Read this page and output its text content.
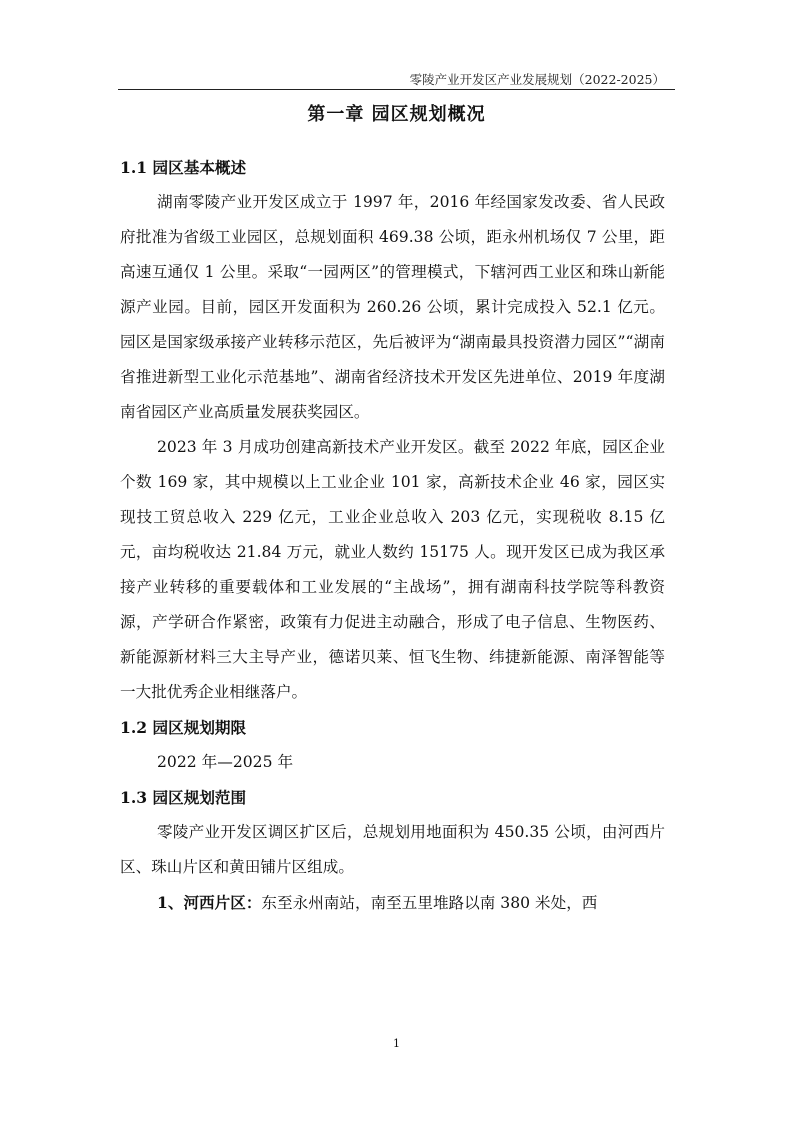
零陵产业开发区产业发展规划（2022-2025）
第一章 园区规划概况

1.1 园区基本概述

湖南零陵产业开发区成立于 1997 年，2016 年经国家发改委、省人民政府批准为省级工业园区，总规划面积 469.38 公顷，距永州机场仅 7 公里，距高速互通仅 1 公里。采取“一园两区”的管理模式，下辖河西工业区和珠山新能源产业园。目前，园区开发面积为 260.26 公顷，累计完成投入 52.1 亿元。园区是国家级承接产业转移示范区，先后被评为“湖南最具投资潜力园区”“湖南省推进新型工业化示范基地”、湖南省经济技术开发区先进单位、2019 年度湖南省园区产业高质量发展获奖园区。

2023 年 3 月成功创建高新技术产业开发区。截至 2022 年底，园区企业个数 169 家，其中规模以上工业企业 101 家，高新技术企业 46 家，园区实现技工贸总收入 229 亿元，工业企业总收入 203 亿元，实现税收 8.15 亿元，亩均税收达 21.84 万元，就业人数约 15175 人。现开发区已成为我区承接产业转移的重要载体和工业发展的“主战场”，拥有湖南科技学院等科教资源，产学研合作紧密，政策有力促进主动融合，形成了电子信息、生物医药、新能源新材料三大主导产业，德诺贝莱、恒飞生物、纬捷新能源、南泽智能等一大批优秀企业相继落户。

1.2 园区规划期限

2022 年—2025 年

1.3 园区规划范围

零陵产业开发区调区扩区后，总规划用地面积为 450.35 公顷，由河西片区、珠山片区和黄田铺片区组成。

1、河西片区：东至永州南站，南至五里堆路以南 380 米处，西

1
